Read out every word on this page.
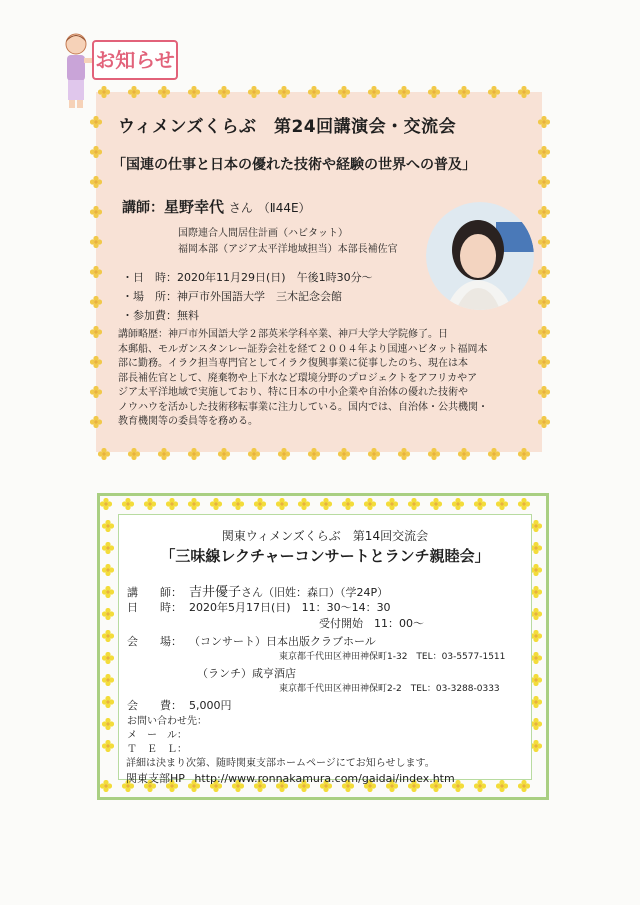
お知らせ
ウィメンズくらぶ　第24回講演会・交流会
「国連の仕事と日本の優れた技術や経験の世界への普及」
講師：星野幸代 さん （Ⅱ44E）
国際連合人間居住計画（ハビタット）
福岡本部（アジア太平洋地域担当）本部長補佐官
・日　時：2020年11月29日(日)　午後1時30分～
・場　所：神戸市外国語大学　三木記念会館
・参加費：無料
講師略歴：神戸市外国語大学２部英米学科卒業、神戸大学大学院修了。日
本郵船、モルガンスタンレー証券会社を経て２００４年より国連ハビタット福岡本
部に勤務。イラク担当専門官としてイラク復興事業に従事したのち、現在は本
部長補佐官として、廃棄物や上下水など環境分野のプロジェクトをアフリカやア
ジア太平洋地域で実施しており、特に日本の中小企業や自治体の優れた技術や
ノウハウを活かした技術移転事業に注力している。国内では、自治体・公共機関・
教育機関等の委員等を務める。
関東ウィメンズくらぶ　第14回交流会
「三味線レクチャーコンサートとランチ親睦会」
講　　師： 吉井優子さん（旧姓：森口）（学24P）
日　　時： 2020年5月17日(日)　11：30～14：30
受付開始　11：00～
会　　場： （コンサート）日本出版クラブホール
東京都千代田区神田神保町1-32　TEL：03-5577-1511
（ランチ）咸亨酒店
東京都千代田区神田神保町2-2　TEL：03-3288-0333
会　　費： 5,000円
お問い合わせ先：
メ　ー　ル：
Ｔ　Ｅ　Ｌ：
詳細は決まり次第、随時関東支部ホームページにてお知らせします。
関東支部HP http://www.ronnakamura.com/gaidai/index.htm
